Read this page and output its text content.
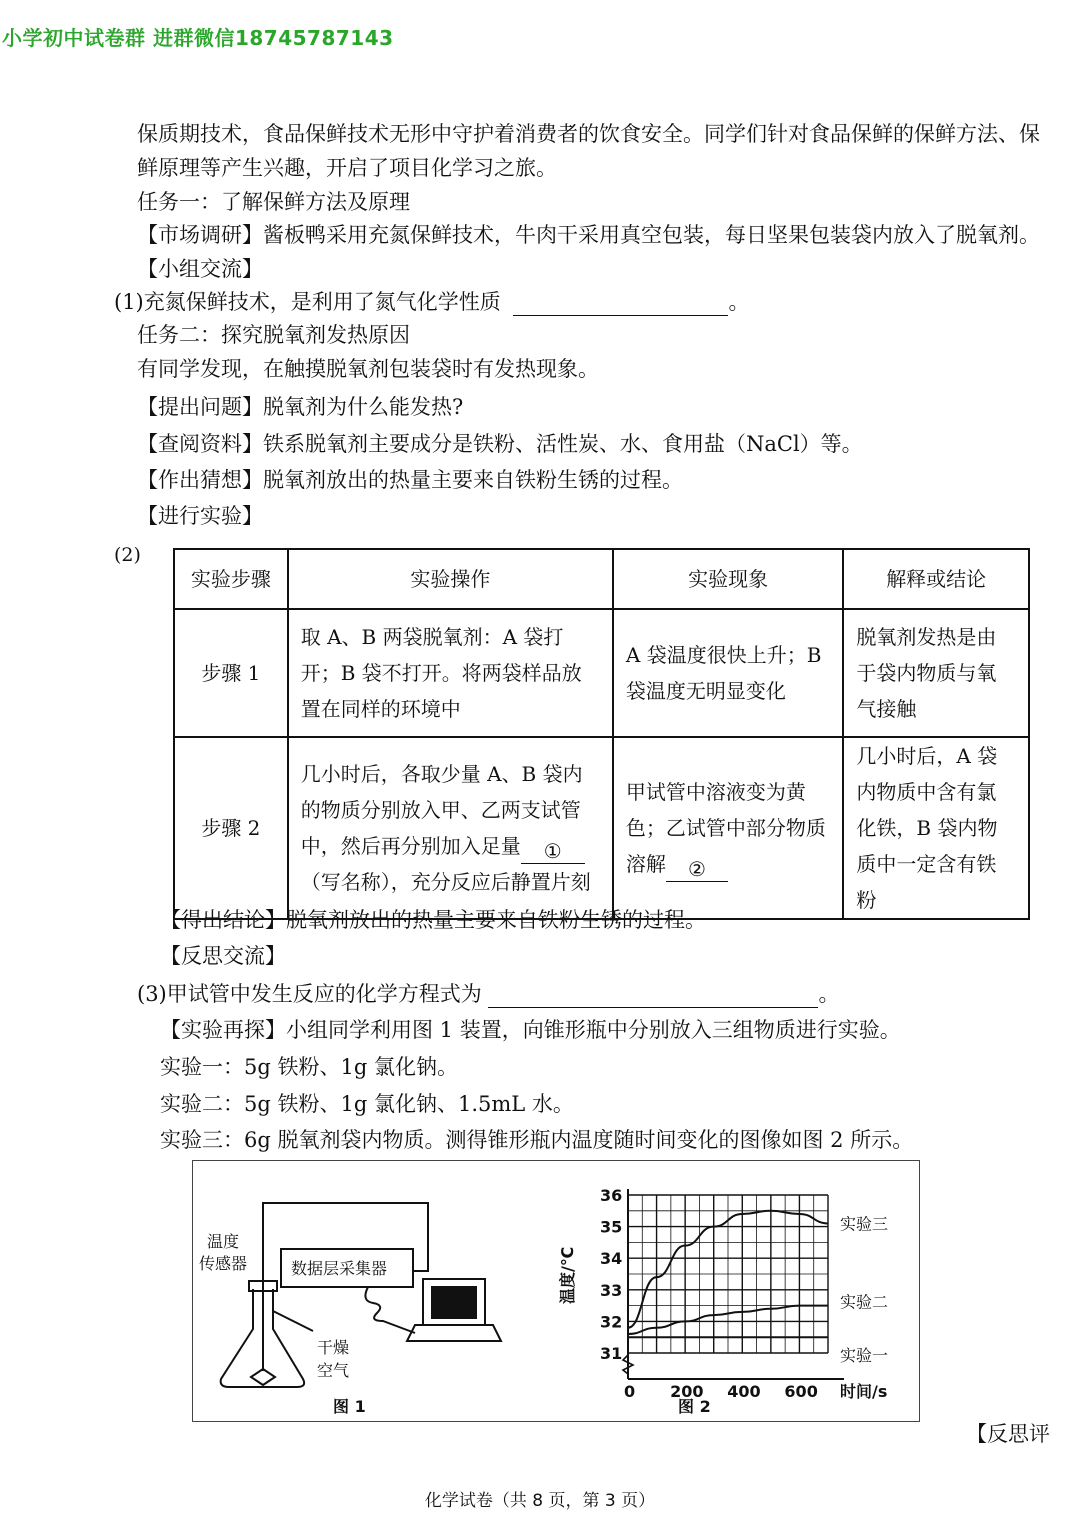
小学初中试卷群 进群微信18745787143
保质期技术，食品保鲜技术无形中守护着消费者的饮食安全。同学们针对食品保鲜的保鲜方法、保
鲜原理等产生兴趣，开启了项目化学习之旅。
任务一：了解保鲜方法及原理
【市场调研】酱板鸭采用充氮保鲜技术，牛肉干采用真空包装，每日坚果包装袋内放入了脱氧剂。
【小组交流】
(1)充氮保鲜技术，是利用了氮气化学性质	。
任务二：探究脱氧剂发热原因
有同学发现，在触摸脱氧剂包装袋时有发热现象。
【提出问题】脱氧剂为什么能发热?
【查阅资料】铁系脱氧剂主要成分是铁粉、活性炭、水、食用盐（NaCl）等。
【作出猜想】脱氧剂放出的热量主要来自铁粉生锈的过程。
【进行实验】
(2)
实验步骤	实验操作	实验现象	解释或结论
步骤 1	取 A、B 两袋脱氧剂：A 袋打开；B 袋不打开。将两袋样品放置在同样的环境中	A 袋温度很快上升；B 袋温度无明显变化	脱氧剂发热是由于袋内物质与氧气接触
步骤 2	几小时后，各取少量 A、B 袋内的物质分别放入甲、乙两支试管中，然后再分别加入足量 ①（写名称），充分反应后静置片刻	甲试管中溶液变为黄色；乙试管中部分物质溶解 ②	几小时后，A 袋内物质中含有氯化铁，B 袋内物质中一定含有铁粉
【得出结论】脱氧剂放出的热量主要来自铁粉生锈的过程。
【反思交流】
(3)甲试管中发生反应的化学方程式为	。
【实验再探】小组同学利用图 1 装置，向锥形瓶中分别放入三组物质进行实验。
实验一：5g 铁粉、1g 氯化钠。
实验二：5g 铁粉、1g 氯化钠、1.5mL 水。
实验三：6g 脱氧剂袋内物质。测得锥形瓶内温度随时间变化的图像如图 2 所示。
温度
传感器	数据层采集器
干燥
空气
图 1
实验三
实验二
实验一
31
32
33
34
35
36
0 200 400 600 时间/s
温度/℃
图 2
【反思评
化学试卷（共 8 页，第 3 页）
